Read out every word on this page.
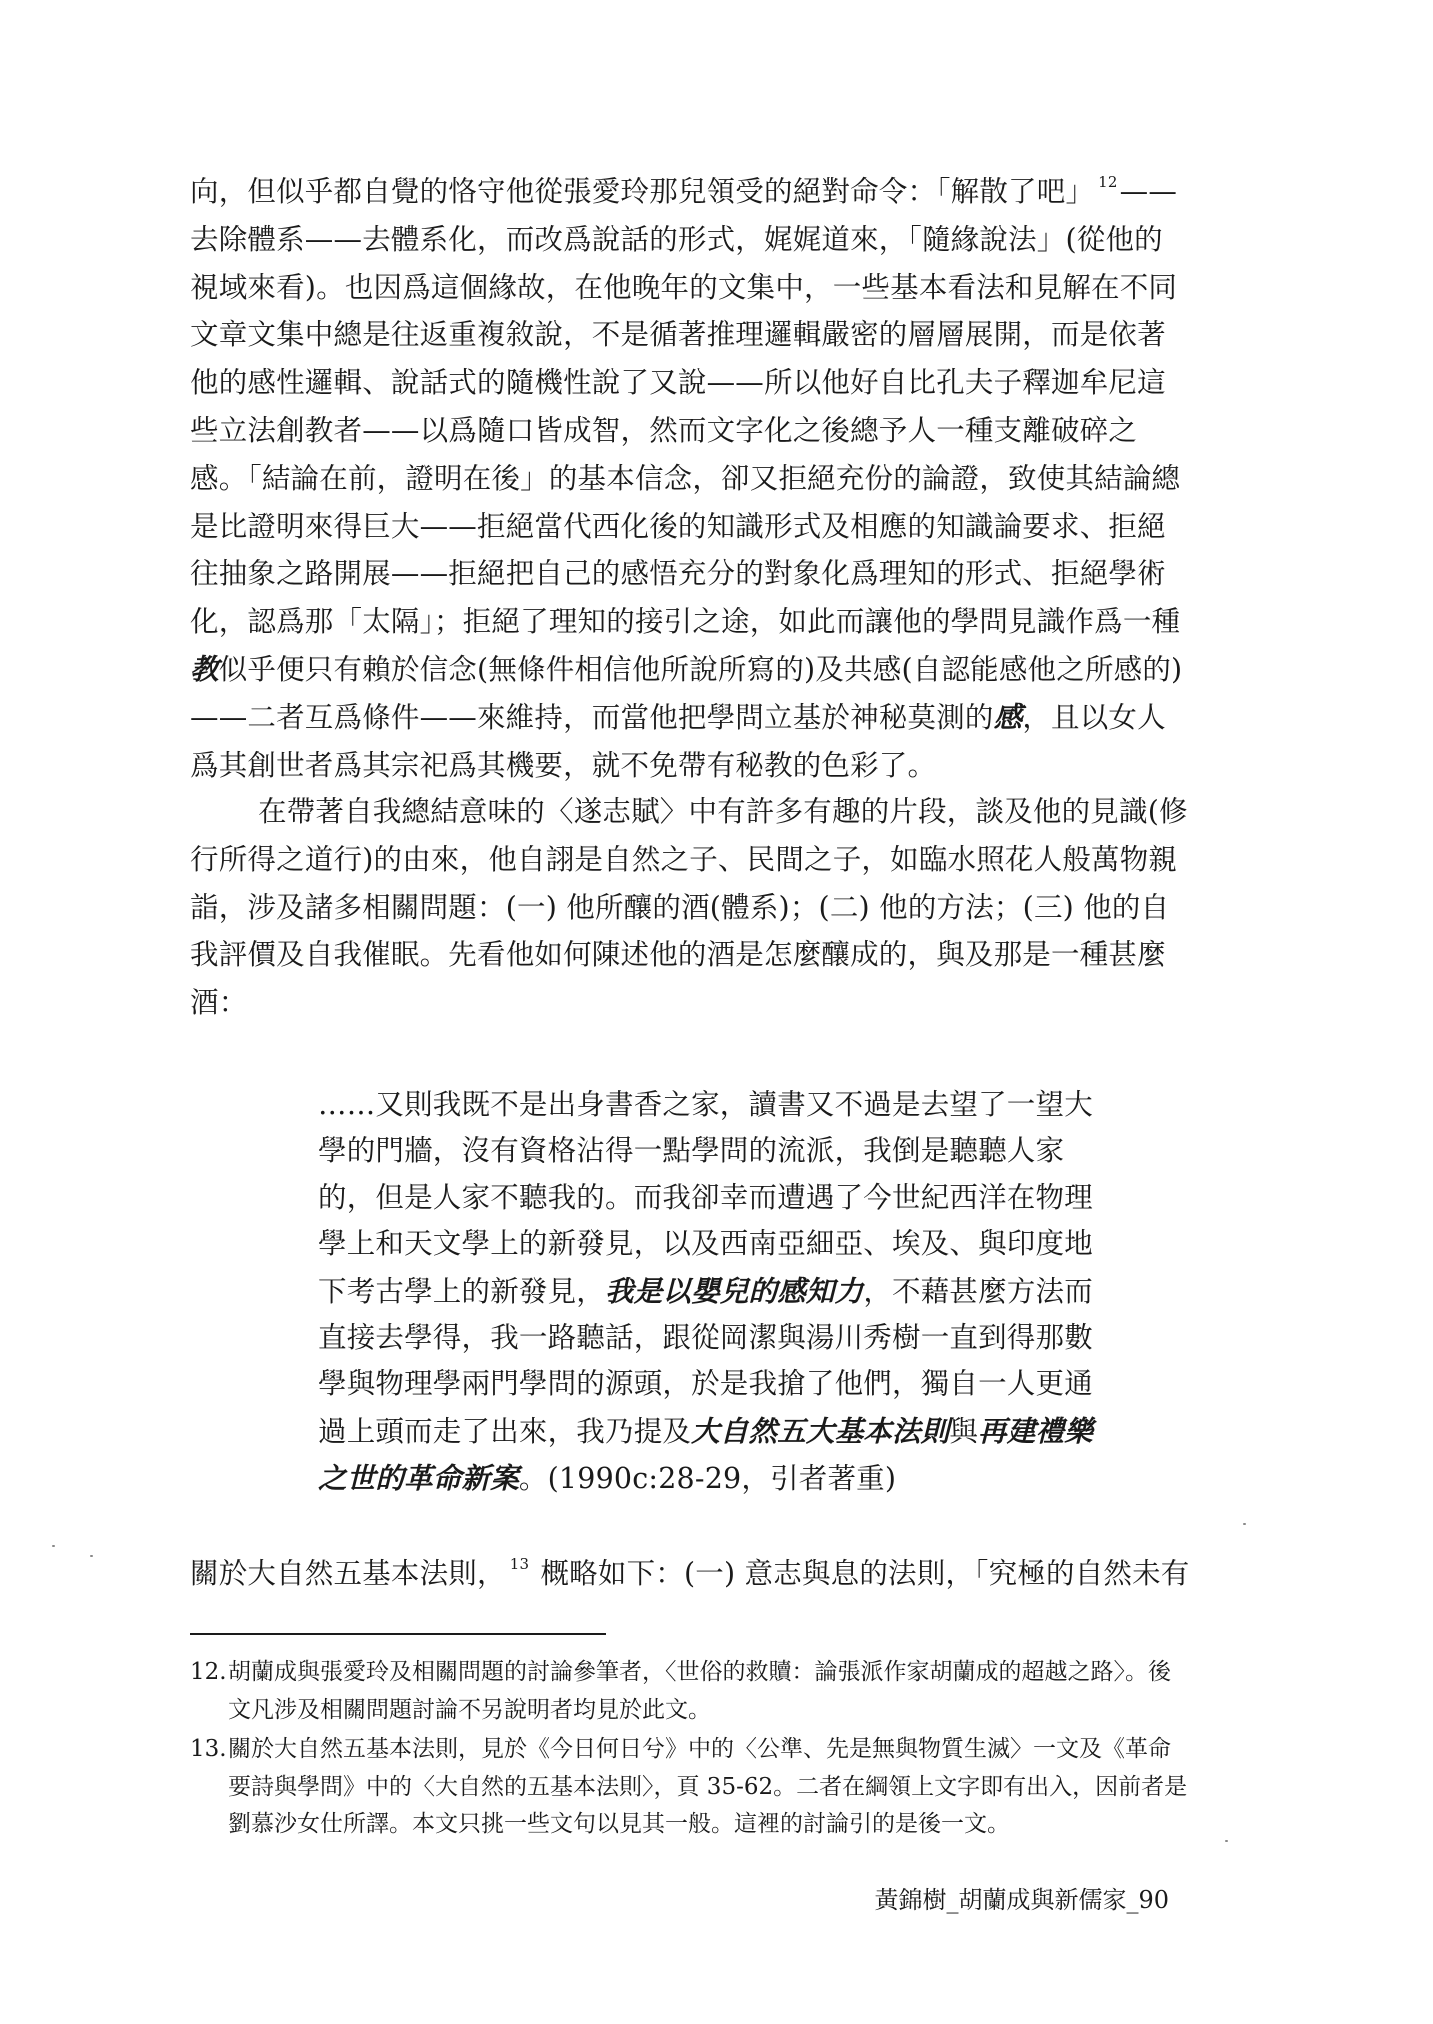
向，但似乎都自覺的恪守他從張愛玲那兒領受的絕對命令：「解散了吧」 $^{12}$——去除體系——去體系化，而改爲說話的形式，娓娓道來，「隨緣說法」(從他的視域來看)。也因爲這個緣故，在他晚年的文集中，一些基本看法和見解在不同文章文集中總是往返重複敘說，不是循著推理邏輯嚴密的層層展開，而是依著他的感性邏輯、說話式的隨機性說了又說——所以他好自比孔夫子釋迦牟尼這些立法創教者——以爲隨口皆成智，然而文字化之後總予人一種支離破碎之感。「結論在前，證明在後」的基本信念，卻又拒絕充份的論證，致使其結論總是比證明來得巨大——拒絕當代西化後的知識形式及相應的知識論要求、拒絕往抽象之路開展——拒絕把自己的感悟充分的對象化爲理知的形式、拒絕學術化，認爲那「太隔」；拒絕了理知的接引之途，如此而讓他的學問見識作爲一種教似乎便只有賴於信念(無條件相信他所說所寫的)及共感(自認能感他之所感的) ——二者互爲條件——來維持，而當他把學問立基於神秘莫測的感，且以女人爲其創世者爲其宗祀爲其機要，就不免帶有秘教的色彩了。
在帶著自我總結意味的〈遂志賦〉中有許多有趣的片段，談及他的見識(修行所得之道行)的由來，他自詡是自然之子、民間之子，如臨水照花人般萬物親詣，涉及諸多相關問題：(一) 他所釀的酒(體系)；(二) 他的方法；(三) 他的自我評價及自我催眠。先看他如何陳述他的酒是怎麼釀成的，與及那是一種甚麼酒：
……又則我既不是出身書香之家，讀書又不過是去望了一望大學的門牆，沒有資格沾得一點學問的流派，我倒是聽聽人家的，但是人家不聽我的。而我卻幸而遭遇了今世紀西洋在物理學上和天文學上的新發見，以及西南亞細亞、埃及、與印度地下考古學上的新發見，我是以嬰兒的感知力，不藉甚麼方法而直接去學得，我一路聽話，跟從岡潔與湯川秀樹一直到得那數學與物理學兩門學問的源頭，於是我搶了他們，獨自一人更通過上頭而走了出來，我乃提及大自然五大基本法則與再建禮樂之世的革命新案。(1990c:28-29，引者著重)
關於大自然五基本法則， $^{13}$ 概略如下：(一) 意志與息的法則，「究極的自然未有
12. 胡蘭成與張愛玲及相關問題的討論參筆者，〈世俗的救贖：論張派作家胡蘭成的超越之路〉。後文凡涉及相關問題討論不另說明者均見於此文。
13. 關於大自然五基本法則，見於《今日何日兮》中的〈公準、先是無與物質生滅〉一文及《革命要詩與學問》中的〈大自然的五基本法則〉，頁 35-62。二者在綱領上文字即有出入，因前者是劉慕沙女仕所譯。本文只挑一些文句以見其一般。這裡的討論引的是後一文。
黃錦樹_胡蘭成與新儒家_90
